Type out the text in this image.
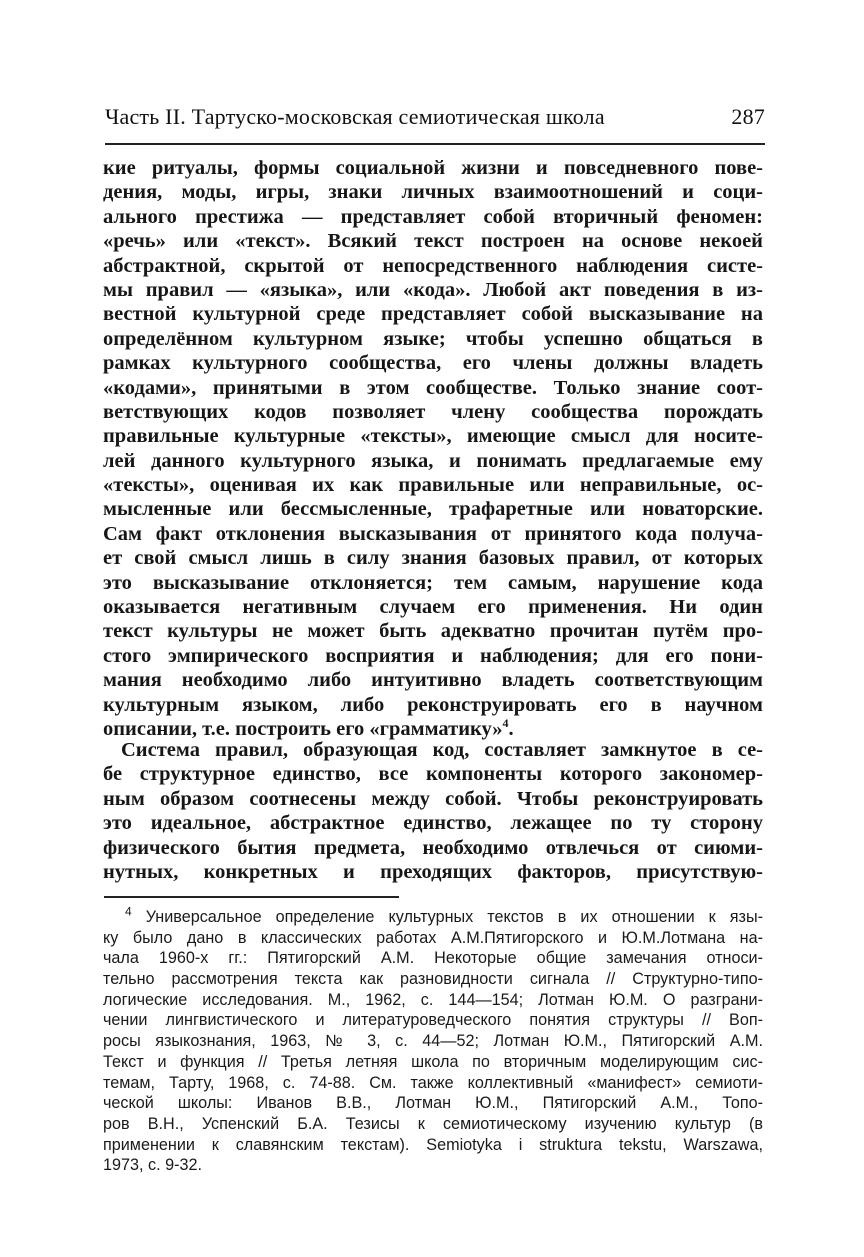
Часть II. Тартуско-московская семиотическая школа	287
кие ритуалы, формы социальной жизни и повседневного пове-
дения, моды, игры, знаки личных взаимоотношений и соци-
ального престижа — представляет собой вторичный феномен:
«речь» или «текст». Всякий текст построен на основе некоей
абстрактной, скрытой от непосредственного наблюдения систе-
мы правил — «языка», или «кода». Любой акт поведения в из-
вестной культурной среде представляет собой высказывание на
определённом культурном языке; чтобы успешно общаться в
рамках культурного сообщества, его члены должны владеть
«кодами», принятыми в этом сообществе. Только знание соот-
ветствующих кодов позволяет члену сообщества порождать
правильные культурные «тексты», имеющие смысл для носите-
лей данного культурного языка, и понимать предлагаемые ему
«тексты», оценивая их как правильные или неправильные, ос-
мысленные или бессмысленные, трафаретные или новаторские.
Сам факт отклонения высказывания от принятого кода получа-
ет свой смысл лишь в силу знания базовых правил, от которых
это высказывание отклоняется; тем самым, нарушение кода
оказывается негативным случаем его применения. Ни один
текст культуры не может быть адекватно прочитан путём про-
стого эмпирического восприятия и наблюдения; для его пони-
мания необходимо либо интуитивно владеть соответствующим
культурным языком, либо реконструировать его в научном
описании, т.е. построить его «грамматику»$^4$.
Система правил, образующая код, составляет замкнутое в се-
бе структурное единство, все компоненты которого закономер-
ным образом соотнесены между собой. Чтобы реконструировать
это идеальное, абстрактное единство, лежащее по ту сторону
физического бытия предмета, необходимо отвлечься от сиюми-
нутных, конкретных и преходящих факторов, присутствую-
$^4$ Универсальное определение культурных текстов в их отношении к язы-
ку было дано в классических работах А.М.Пятигорского и Ю.М.Лотмана на-
чала 1960-х гг.: Пятигорский А.М. Некоторые общие замечания относи-
тельно рассмотрения текста как разновидности сигнала // Структурно-типо-
логические исследования. М., 1962, с. 144—154; Лотман Ю.М. О разграни-
чении лингвистического и литературоведческого понятия структуры // Воп-
росы языкознания, 1963, № 3, с. 44—52; Лотман Ю.М., Пятигорский А.М.
Текст и функция // Третья летняя школа по вторичным моделирующим сис-
темам, Тарту, 1968, с. 74-88. См. также коллективный «манифест» семиоти-
ческой школы: Иванов В.В., Лотман Ю.М., Пятигорский А.М., Топо-
ров В.Н., Успенский Б.А. Тезисы к семиотическому изучению культур (в
применении к славянским текстам). Semiotyka i struktura tekstu, Warszawa,
1973, с. 9-32.
